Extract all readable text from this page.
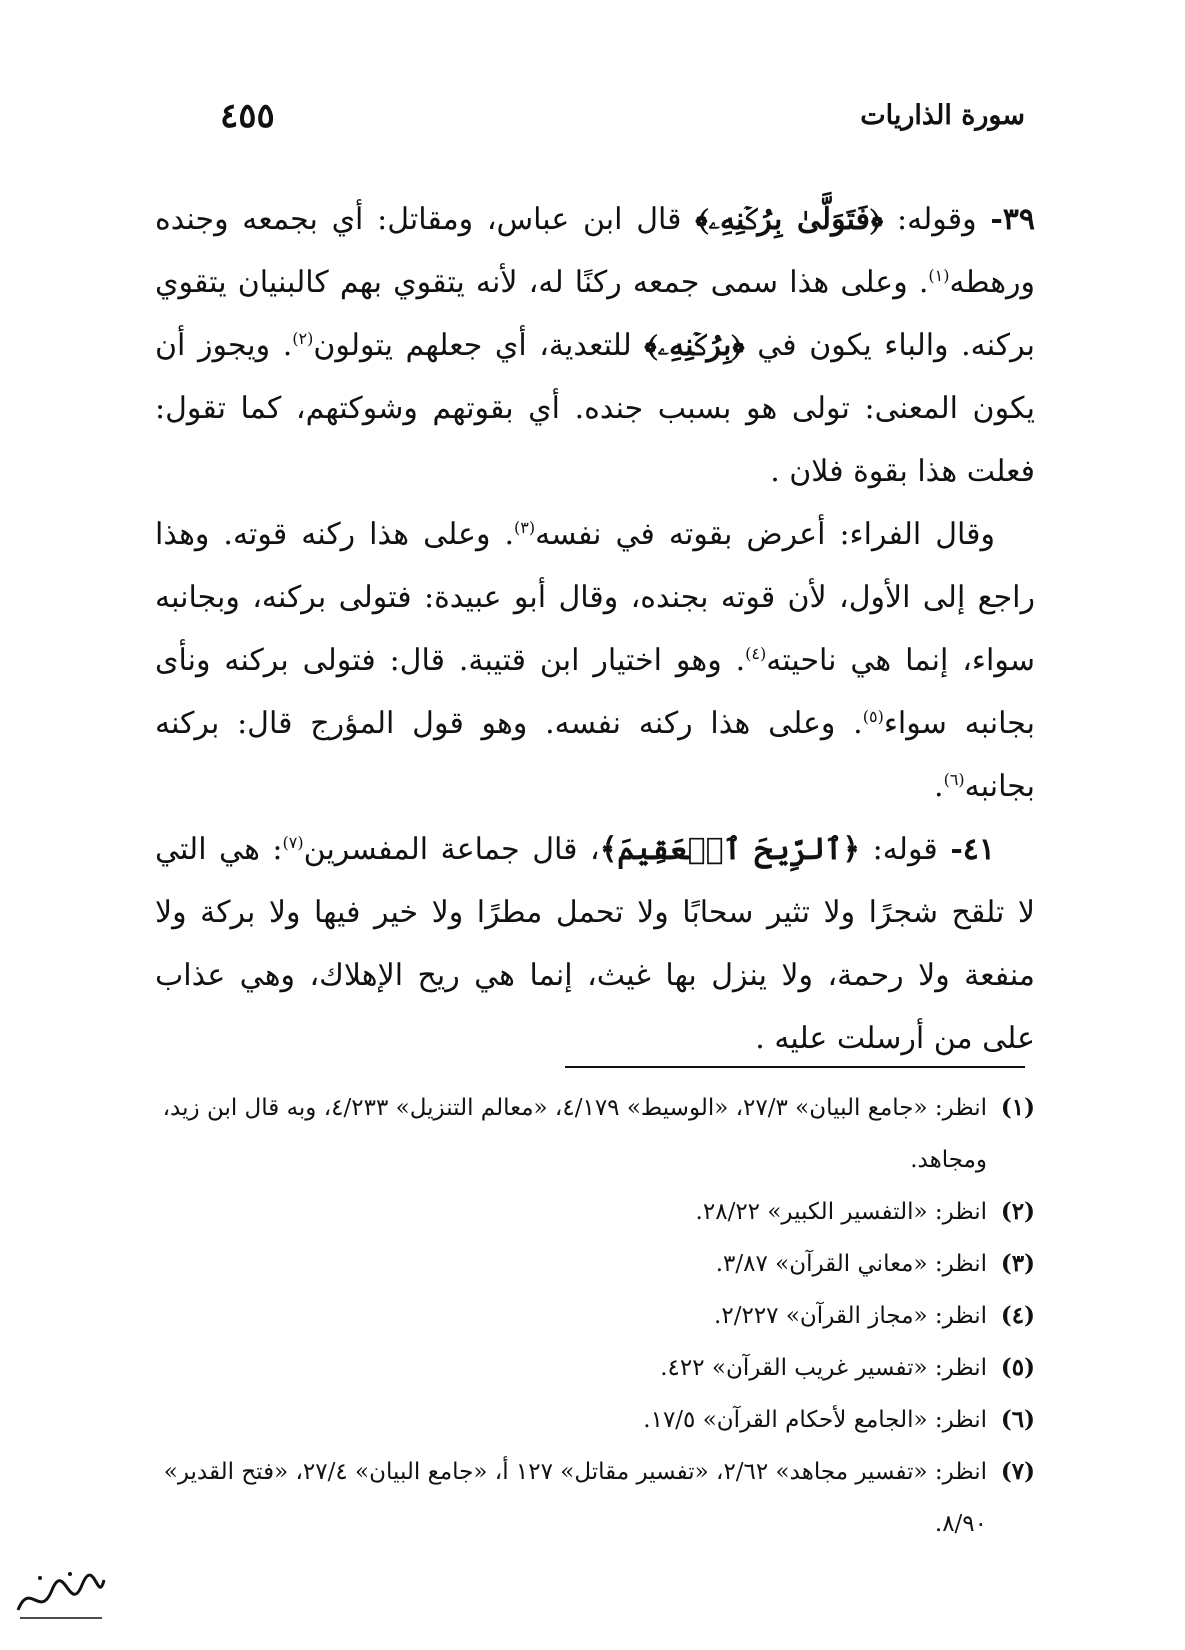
سورة الذاريات
٤٥٥

٣٩- وقوله: ﴿فَتَوَلَّىٰ بِرُكۡنِهِۦ﴾ قال ابن عباس، ومقاتل: أي بجمعه وجنده ورهطه$^{(١)}$. وعلى هذا سمى جمعه ركنًا له، لأنه يتقوي بهم كالبنيان يتقوي بركنه. والباء يكون في ﴿بِرُكۡنِهِۦ﴾ للتعدية، أي جعلهم يتولون$^{(٢)}$. ويجوز أن يكون المعنى: تولى هو بسبب جنده. أي بقوتهم وشوكتهم، كما تقول: فعلت هذا بقوة فلان .

وقال الفراء: أعرض بقوته في نفسه$^{(٣)}$. وعلى هذا ركنه قوته. وهذا راجع إلى الأول، لأن قوته بجنده، وقال أبو عبيدة: فتولى بركنه، وبجانبه سواء، إنما هي ناحيته$^{(٤)}$. وهو اختيار ابن قتيبة. قال: فتولى بركنه ونأى بجانبه سواء$^{(٥)}$. وعلى هذا ركنه نفسه. وهو قول المؤرج قال: بركنه بجانبه$^{(٦)}$.

٤١- قوله: ﴿ٱلرِّيحَ ٱلۡعَقِيمَ﴾، قال جماعة المفسرين$^{(٧)}$: هي التي لا تلقح شجرًا ولا تثير سحابًا ولا تحمل مطرًا ولا خير فيها ولا بركة ولا منفعة ولا رحمة، ولا ينزل بها غيث، إنما هي ريح الإهلاك، وهي عذاب على من أرسلت عليه .

(١)
انظر: «جامع البيان» ٢٧/٣، «الوسيط» ٤/١٧٩، «معالم التنزيل» ٤/٢٣٣، وبه قال ابن زيد، ومجاهد.
(٢)
انظر: «التفسير الكبير» ٢٨/٢٢.
(٣)
انظر: «معاني القرآن» ٣/٨٧.
(٤)
انظر: «مجاز القرآن» ٢/٢٢٧.
(٥)
انظر: «تفسير غريب القرآن» ٤٢٢.
(٦)
انظر: «الجامع لأحكام القرآن» ١٧/٥.
(٧)
انظر: «تفسير مجاهد» ٢/٦٢، «تفسير مقاتل» ١٢٧ أ، «جامع البيان» ٢٧/٤، «فتح القدير» ٨/٩٠.
